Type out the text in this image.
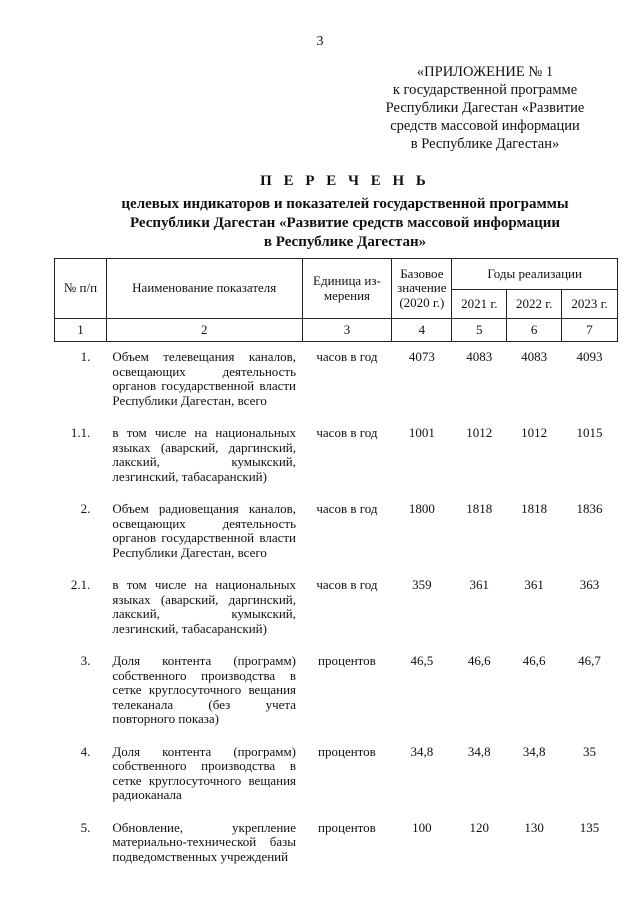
3
«ПРИЛОЖЕНИЕ № 1
к государственной программе
Республики Дагестан «Развитие
средств массовой информации
в Республике Дагестан»
П Е Р Е Ч Е Н Ь
целевых индикаторов и показателей государственной программы
Республики Дагестан «Развитие средств массовой информации
в Республике Дагестан»
№ п/п	Наименование показателя	Единица из-мерения	Базовое значение (2020 г.)	Годы реализации		
				2021 г.	2022 г.	2023 г.
1	2	3	4	5	6	7
1.	Объем телевещания каналов, освещающих деятельность органов государственной власти Республики Дагестан, всего	часов в год	4073	4083	4083	4093
1.1.	в том числе на национальных языках (аварский, даргинский, лакский, кумыкский, лезгинский, табасаранский)	часов в год	1001	1012	1012	1015
2.	Объем радиовещания каналов, освещающих деятельность органов государственной власти Республики Дагестан, всего	часов в год	1800	1818	1818	1836
2.1.	в том числе на национальных языках (аварский, даргинский, лакский, кумыкский, лезгинский, табасаранский)	часов в год	359	361	361	363
3.	Доля контента (программ) собственного производства в сетке круглосуточного вещания телеканала (без учета повторного показа)	процентов	46,5	46,6	46,6	46,7
4.	Доля контента (программ) собственного производства в сетке круглосуточного вещания радиоканала	процентов	34,8	34,8	34,8	35
5.	Обновление, укрепление материально-технической базы подведомственных учреждений	процентов	100	120	130	135
